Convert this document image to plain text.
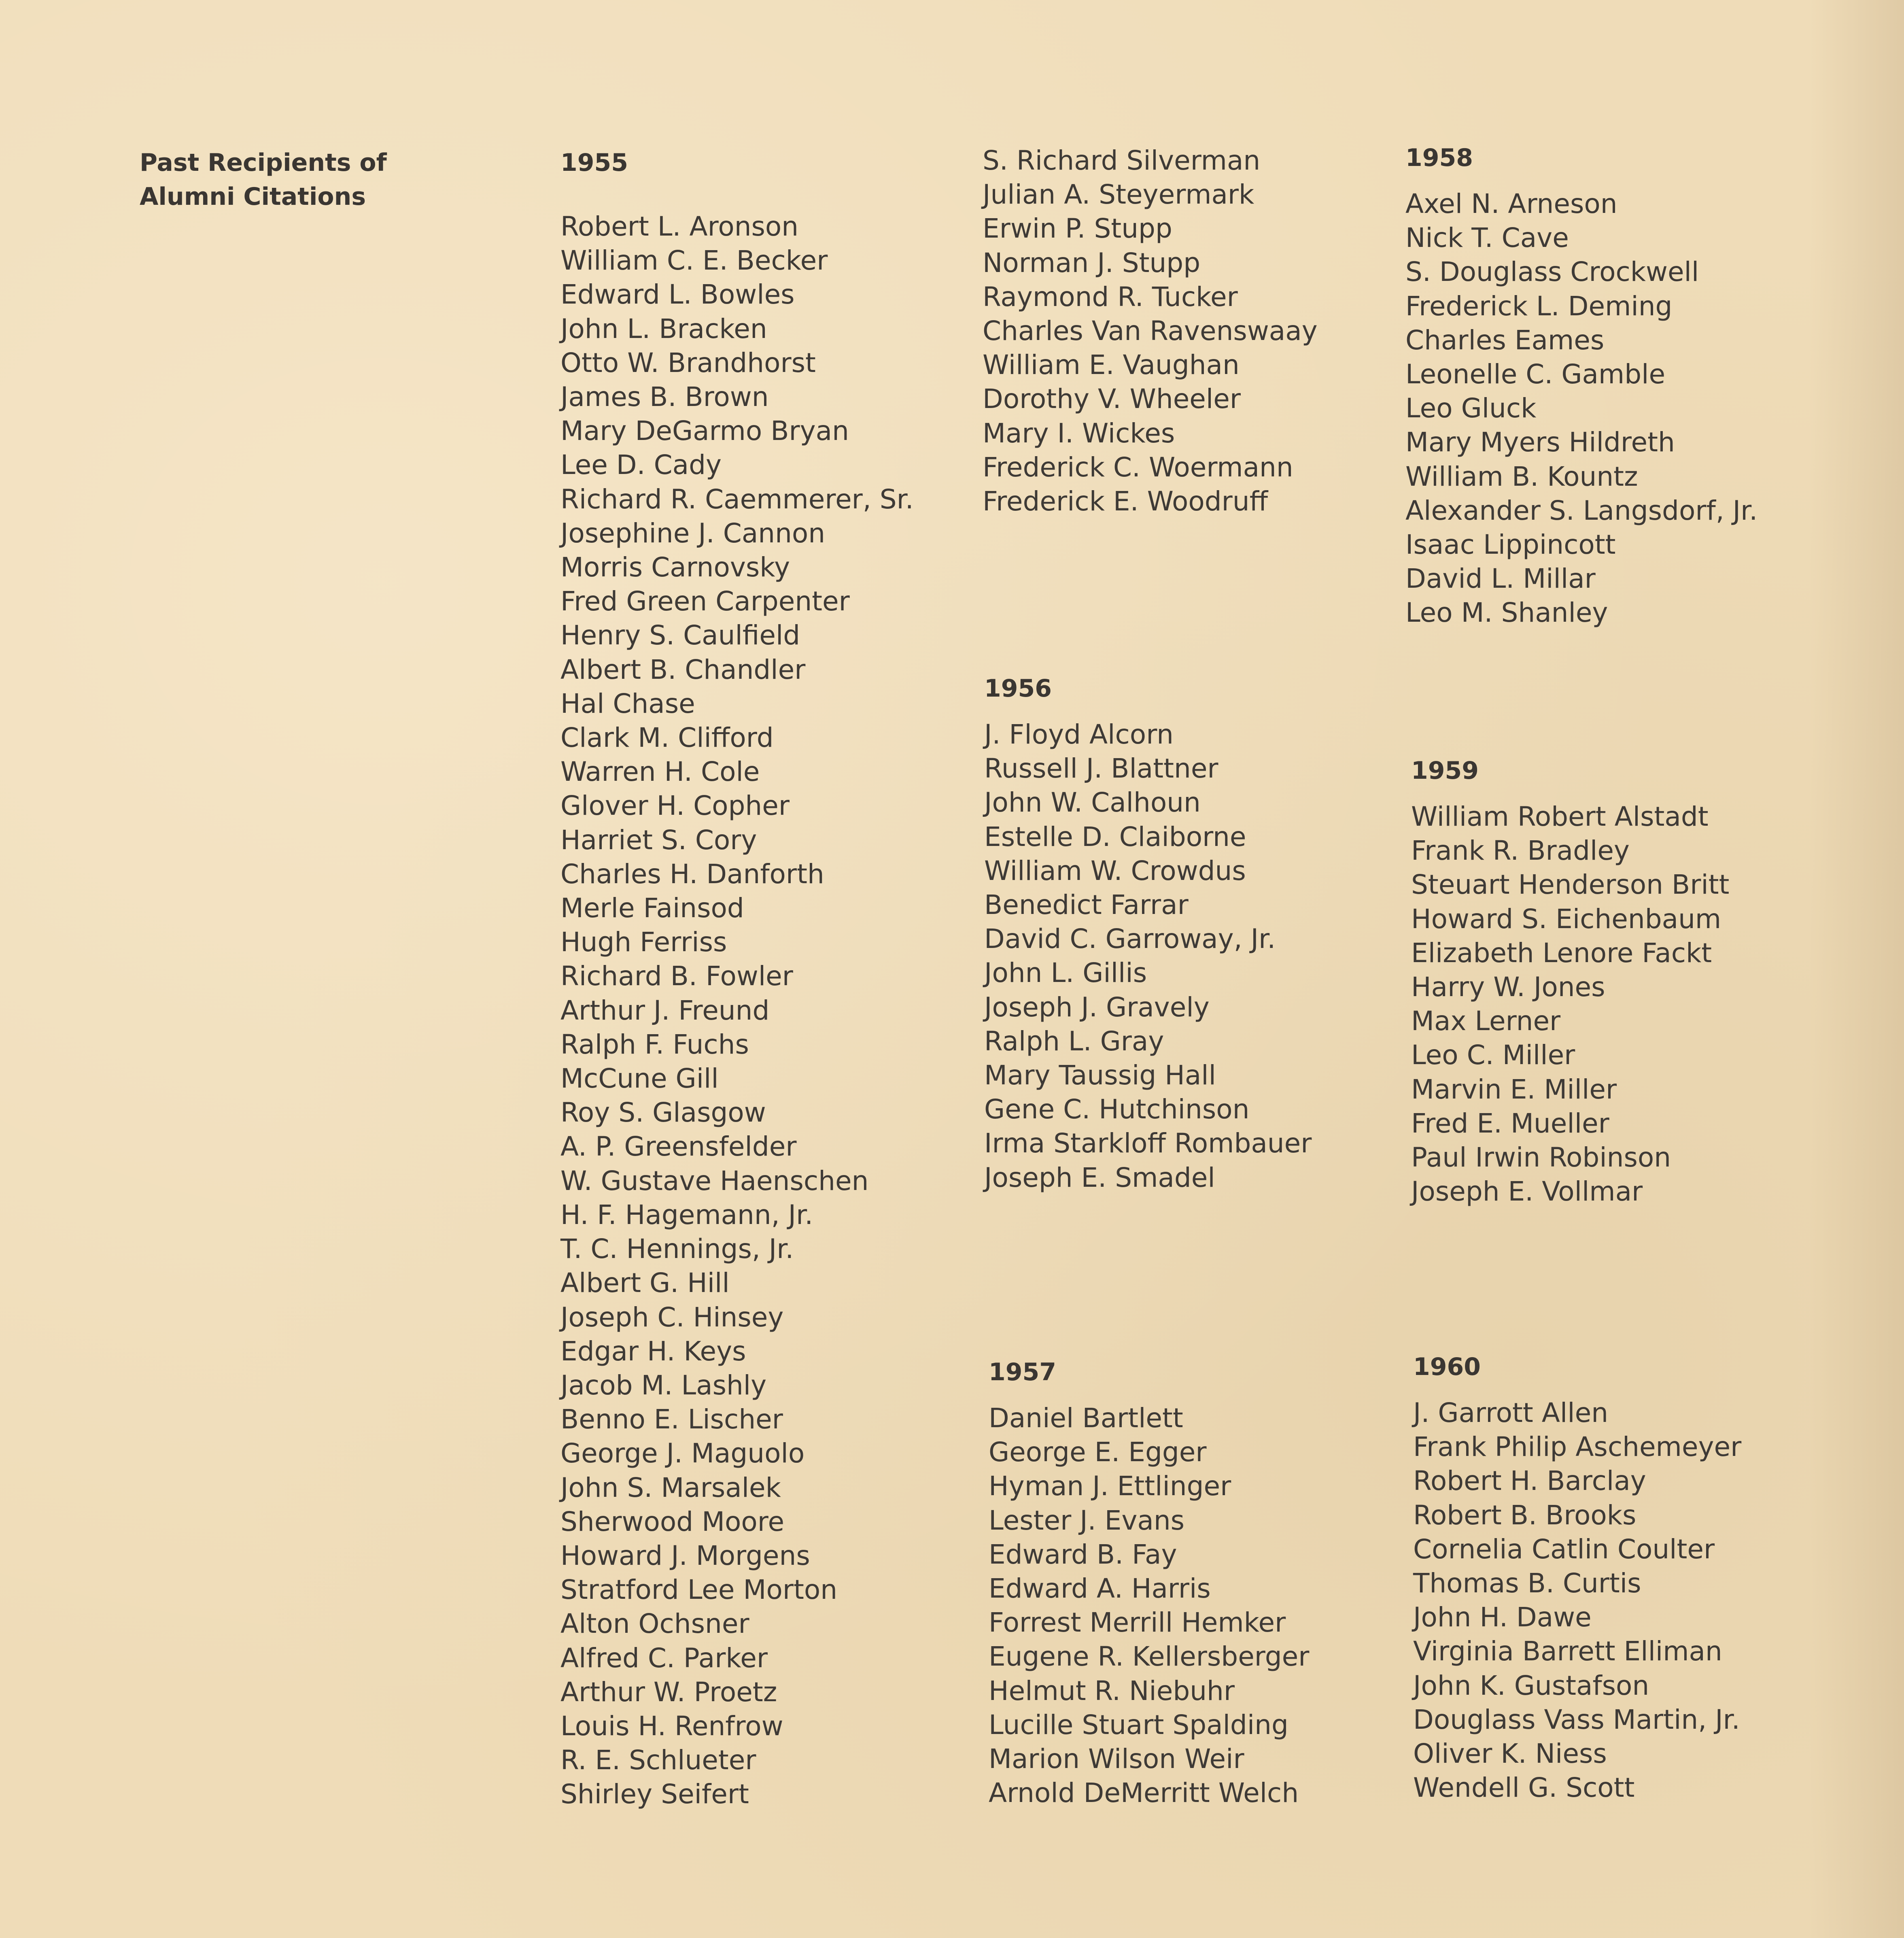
Past Recipients of
Alumni Citations
1955
Robert L. Aronson
William C. E. Becker
Edward L. Bowles
John L. Bracken
Otto W. Brandhorst
James B. Brown
Mary DeGarmo Bryan
Lee D. Cady
Richard R. Caemmerer, Sr.
Josephine J. Cannon
Morris Carnovsky
Fred Green Carpenter
Henry S. Caulfield
Albert B. Chandler
Hal Chase
Clark M. Clifford
Warren H. Cole
Glover H. Copher
Harriet S. Cory
Charles H. Danforth
Merle Fainsod
Hugh Ferriss
Richard B. Fowler
Arthur J. Freund
Ralph F. Fuchs
McCune Gill
Roy S. Glasgow
A. P. Greensfelder
W. Gustave Haenschen
H. F. Hagemann, Jr.
T. C. Hennings, Jr.
Albert G. Hill
Joseph C. Hinsey
Edgar H. Keys
Jacob M. Lashly
Benno E. Lischer
George J. Maguolo
John S. Marsalek
Sherwood Moore
Howard J. Morgens
Stratford Lee Morton
Alton Ochsner
Alfred C. Parker
Arthur W. Proetz
Louis H. Renfrow
R. E. Schlueter
Shirley Seifert
S. Richard Silverman
Julian A. Steyermark
Erwin P. Stupp
Norman J. Stupp
Raymond R. Tucker
Charles Van Ravenswaay
William E. Vaughan
Dorothy V. Wheeler
Mary I. Wickes
Frederick C. Woermann
Frederick E. Woodruff
1956
J. Floyd Alcorn
Russell J. Blattner
John W. Calhoun
Estelle D. Claiborne
William W. Crowdus
Benedict Farrar
David C. Garroway, Jr.
John L. Gillis
Joseph J. Gravely
Ralph L. Gray
Mary Taussig Hall
Gene C. Hutchinson
Irma Starkloff Rombauer
Joseph E. Smadel
1957
Daniel Bartlett
George E. Egger
Hyman J. Ettlinger
Lester J. Evans
Edward B. Fay
Edward A. Harris
Forrest Merrill Hemker
Eugene R. Kellersberger
Helmut R. Niebuhr
Lucille Stuart Spalding
Marion Wilson Weir
Arnold DeMerritt Welch
1958
Axel N. Arneson
Nick T. Cave
S. Douglass Crockwell
Frederick L. Deming
Charles Eames
Leonelle C. Gamble
Leo Gluck
Mary Myers Hildreth
William B. Kountz
Alexander S. Langsdorf, Jr.
Isaac Lippincott
David L. Millar
Leo M. Shanley
1959
William Robert Alstadt
Frank R. Bradley
Steuart Henderson Britt
Howard S. Eichenbaum
Elizabeth Lenore Fackt
Harry W. Jones
Max Lerner
Leo C. Miller
Marvin E. Miller
Fred E. Mueller
Paul Irwin Robinson
Joseph E. Vollmar
1960
J. Garrott Allen
Frank Philip Aschemeyer
Robert H. Barclay
Robert B. Brooks
Cornelia Catlin Coulter
Thomas B. Curtis
John H. Dawe
Virginia Barrett Elliman
John K. Gustafson
Douglass Vass Martin, Jr.
Oliver K. Niess
Wendell G. Scott
